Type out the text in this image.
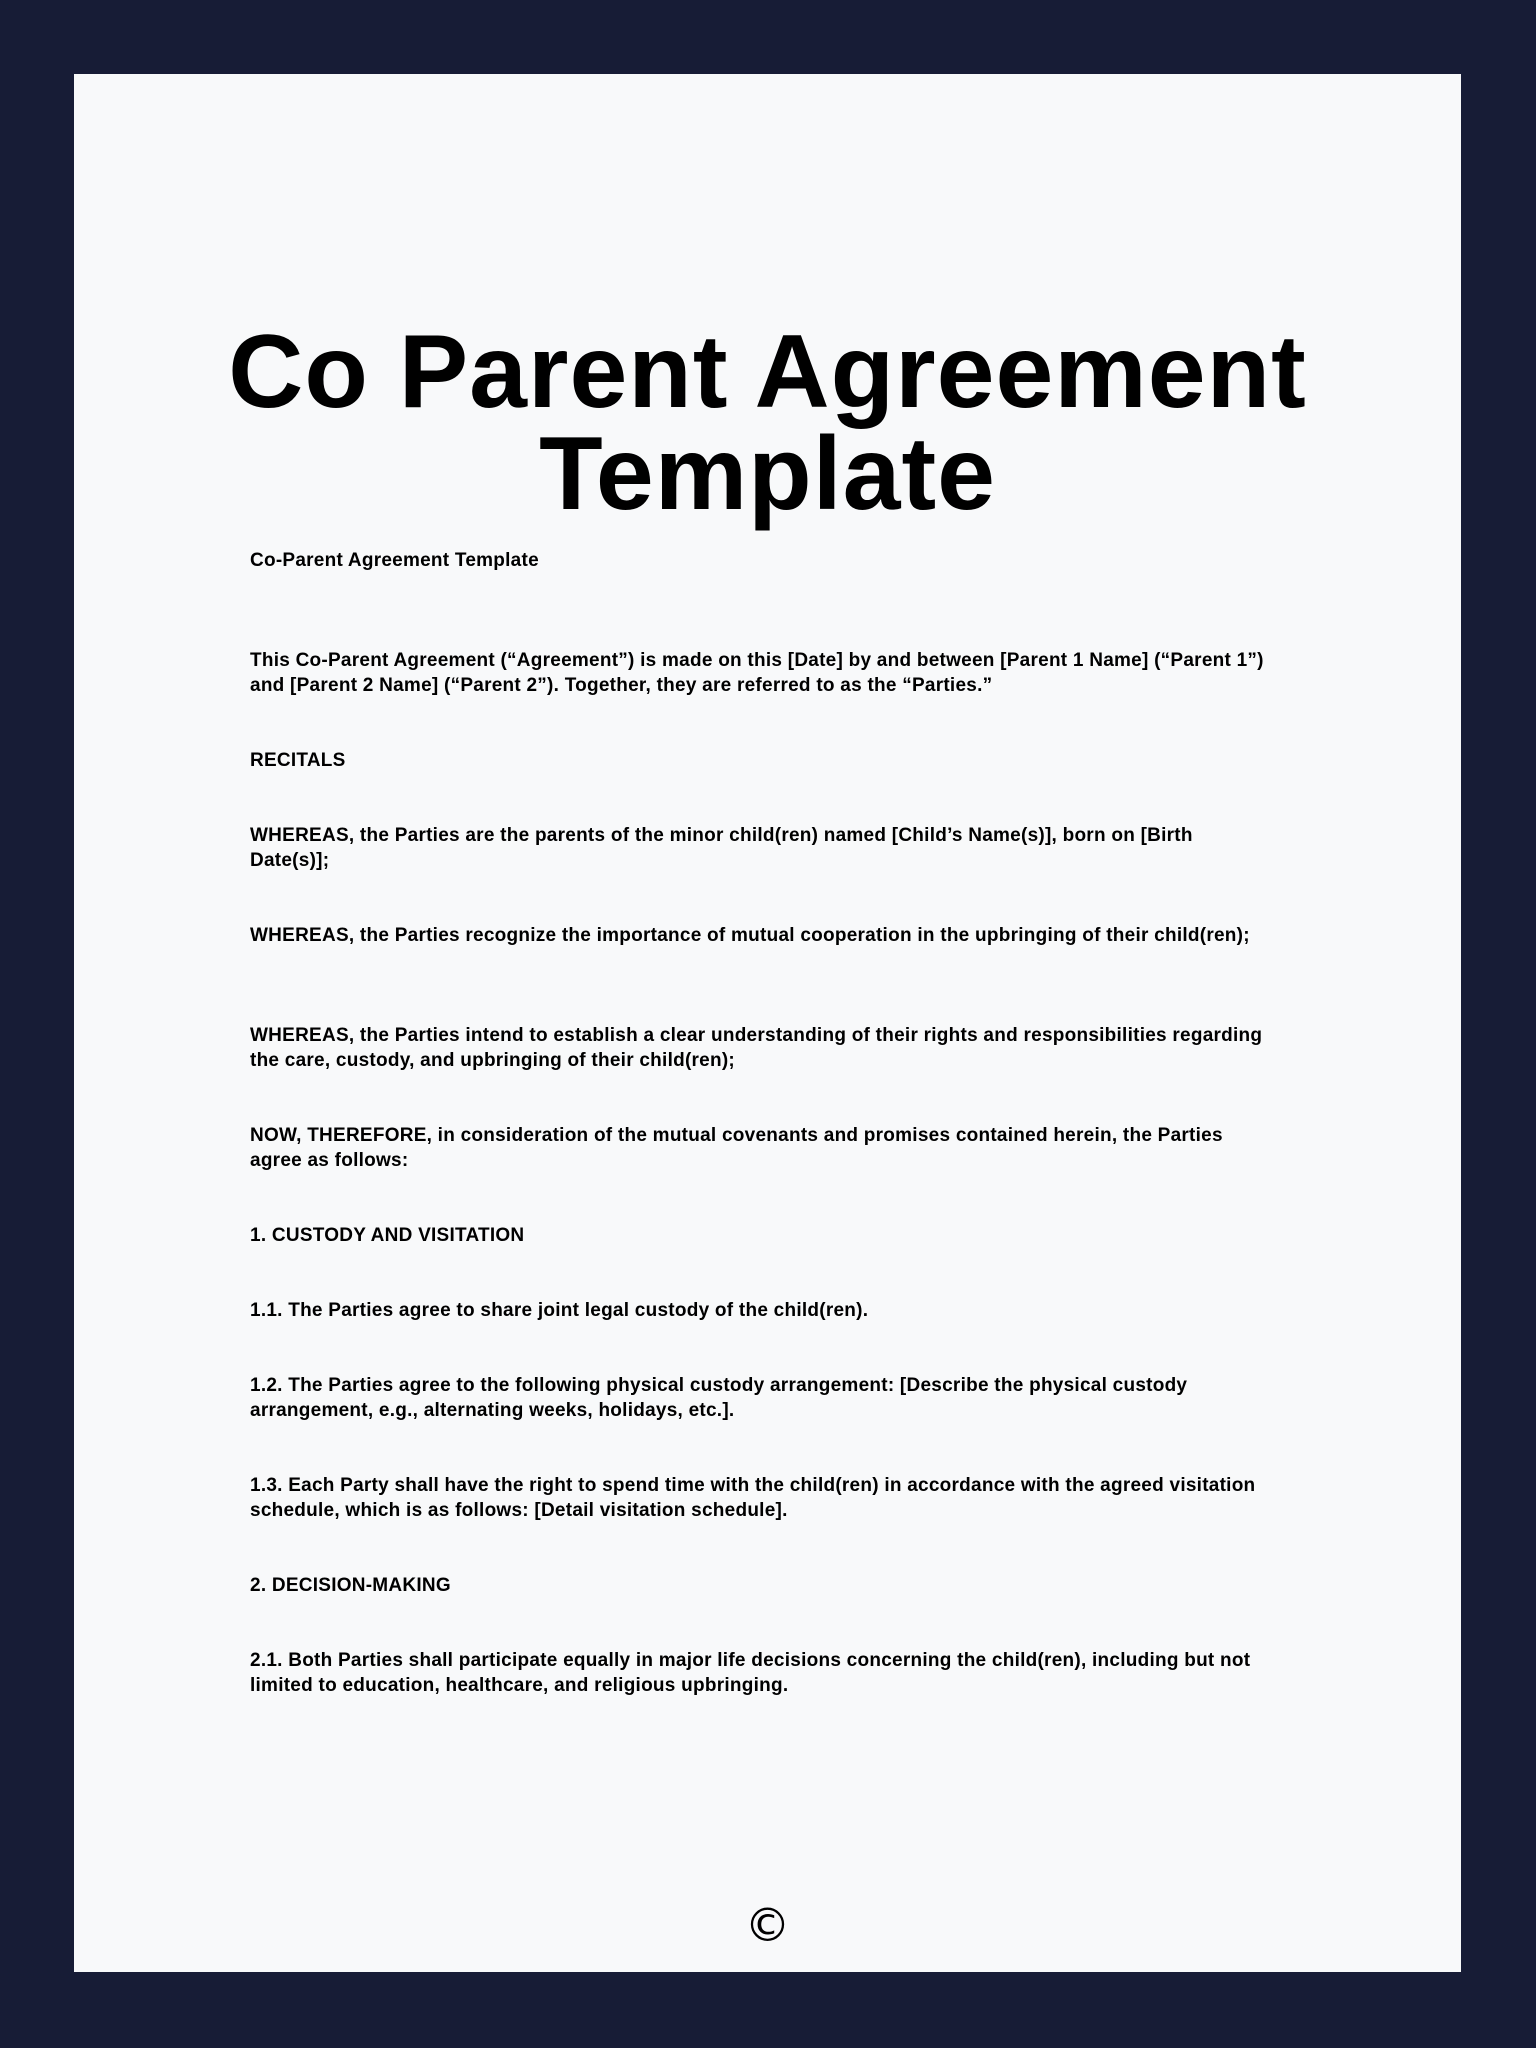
Co Parent Agreement
Template

Co-Parent Agreement Template

This Co-Parent Agreement (“Agreement”) is made on this [Date] by and between [Parent 1 Name] (“Parent 1”) and [Parent 2 Name] (“Parent 2”). Together, they are referred to as the “Parties.”

RECITALS

WHEREAS, the Parties are the parents of the minor child(ren) named [Child’s Name(s)], born on [Birth Date(s)];

WHEREAS, the Parties recognize the importance of mutual cooperation in the upbringing of their child(ren);

WHEREAS, the Parties intend to establish a clear understanding of their rights and responsibilities regarding the care, custody, and upbringing of their child(ren);

NOW, THEREFORE, in consideration of the mutual covenants and promises contained herein, the Parties agree as follows:

1. CUSTODY AND VISITATION

1.1. The Parties agree to share joint legal custody of the child(ren).

1.2. The Parties agree to the following physical custody arrangement: [Describe the physical custody arrangement, e.g., alternating weeks, holidays, etc.].

1.3. Each Party shall have the right to spend time with the child(ren) in accordance with the agreed visitation schedule, which is as follows: [Detail visitation schedule].

2. DECISION-MAKING

2.1. Both Parties shall participate equally in major life decisions concerning the child(ren), including but not limited to education, healthcare, and religious upbringing.

©
